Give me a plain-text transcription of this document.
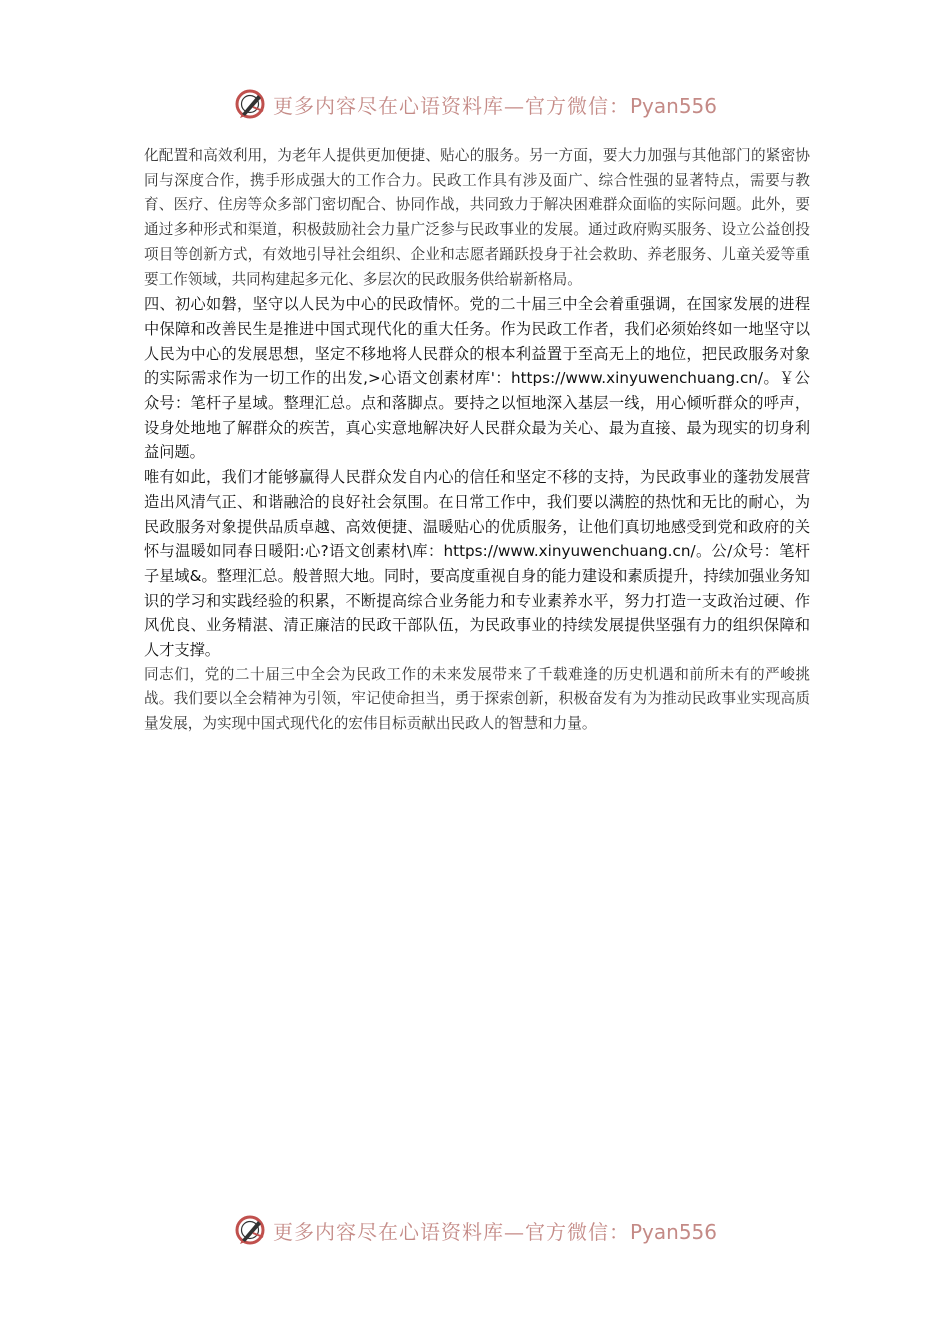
更多内容尽在心语资料库—官方微信：Pyan556

化配置和高效利用，为老年人提供更加便捷、贴心的服务。另一方面，要大力加强与其他部门的紧密协同与深度合作，携手形成强大的工作合力。民政工作具有涉及面广、综合性强的显著特点，需要与教育、医疗、住房等众多部门密切配合、协同作战，共同致力于解决困难群众面临的实际问题。此外，要通过多种形式和渠道，积极鼓励社会力量广泛参与民政事业的发展。通过政府购买服务、设立公益创投项目等创新方式，有效地引导社会组织、企业和志愿者踊跃投身于社会救助、养老服务、儿童关爱等重要工作领域，共同构建起多元化、多层次的民政服务供给崭新格局。

四、初心如磐，坚守以人民为中心的民政情怀。党的二十届三中全会着重强调，在国家发展的进程中保障和改善民生是推进中国式现代化的重大任务。作为民政工作者，我们必须始终如一地坚守以人民为中心的发展思想，坚定不移地将人民群众的根本利益置于至高无上的地位，把民政服务对象的实际需求作为一切工作的出发,>心语文创素材库'：https://www.xinyuwenchuang.cn/。￥公众号：笔杆子星域。整理汇总。点和落脚点。要持之以恒地深入基层一线，用心倾听群众的呼声，设身处地地了解群众的疾苦，真心实意地解决好人民群众最为关心、最为直接、最为现实的切身利益问题。

唯有如此，我们才能够赢得人民群众发自内心的信任和坚定不移的支持，为民政事业的蓬勃发展营造出风清气正、和谐融洽的良好社会氛围。在日常工作中，我们要以满腔的热忱和无比的耐心，为民政服务对象提供品质卓越、高效便捷、温暖贴心的优质服务，让他们真切地感受到党和政府的关怀与温暖如同春日暖阳:心?语文创素材\库：https://www.xinyuwenchuang.cn/。公/众号：笔杆子星域&。整理汇总。般普照大地。同时，要高度重视自身的能力建设和素质提升，持续加强业务知识的学习和实践经验的积累，不断提高综合业务能力和专业素养水平，努力打造一支政治过硬、作风优良、业务精湛、清正廉洁的民政干部队伍，为民政事业的持续发展提供坚强有力的组织保障和人才支撑。

同志们，党的二十届三中全会为民政工作的未来发展带来了千载难逢的历史机遇和前所未有的严峻挑战。我们要以全会精神为引领，牢记使命担当，勇于探索创新，积极奋发有为为推动民政事业实现高质量发展，为实现中国式现代化的宏伟目标贡献出民政人的智慧和力量。

更多内容尽在心语资料库—官方微信：Pyan556
